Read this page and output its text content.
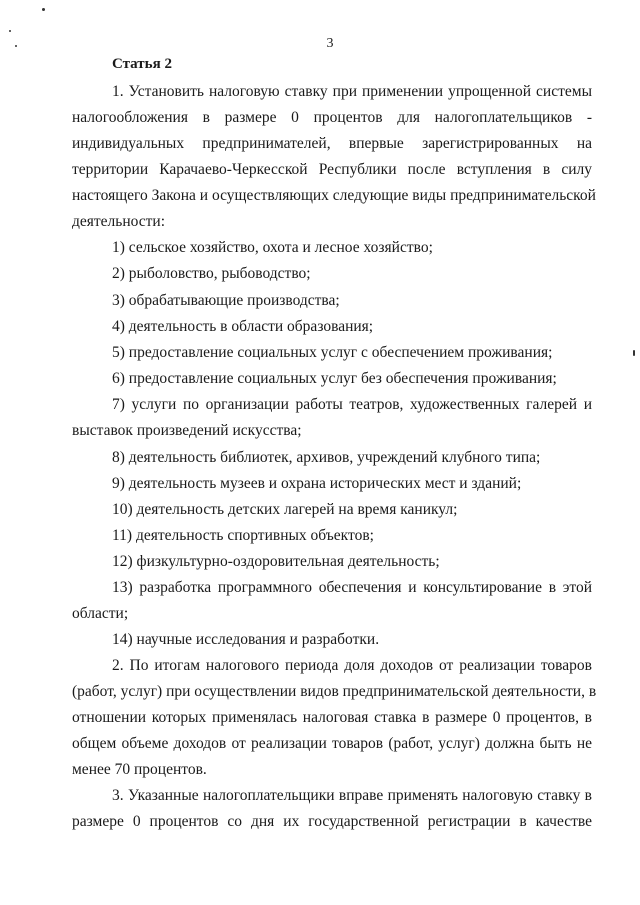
3
Статья 2
1. Установить налоговую ставку при применении упрощенной системы
налогообложения в размере 0 процентов для налогоплательщиков -
индивидуальных предпринимателей, впервые зарегистрированных на
территории Карачаево-Черкесской Республики после вступления в силу
настоящего Закона и осуществляющих следующие виды предпринимательской
деятельности:
1) сельское хозяйство, охота и лесное хозяйство;
2) рыболовство, рыбоводство;
3) обрабатывающие производства;
4) деятельность в области образования;
5) предоставление социальных услуг с обеспечением проживания;
6) предоставление социальных услуг без обеспечения проживания;
7) услуги по организации работы театров, художественных галерей и
выставок произведений искусства;
8) деятельность библиотек, архивов, учреждений клубного типа;
9) деятельность музеев и охрана исторических мест и зданий;
10) деятельность детских лагерей на время каникул;
11) деятельность спортивных объектов;
12) физкультурно-оздоровительная деятельность;
13) разработка программного обеспечения и консультирование в этой
области;
14) научные исследования и разработки.
2. По итогам налогового периода доля доходов от реализации товаров
(работ, услуг) при осуществлении видов предпринимательской деятельности, в
отношении которых применялась налоговая ставка в размере 0 процентов, в
общем объеме доходов от реализации товаров (работ, услуг) должна быть не
менее 70 процентов.
3. Указанные налогоплательщики вправе применять налоговую ставку в
размере 0 процентов со дня их государственной регистрации в качестве
